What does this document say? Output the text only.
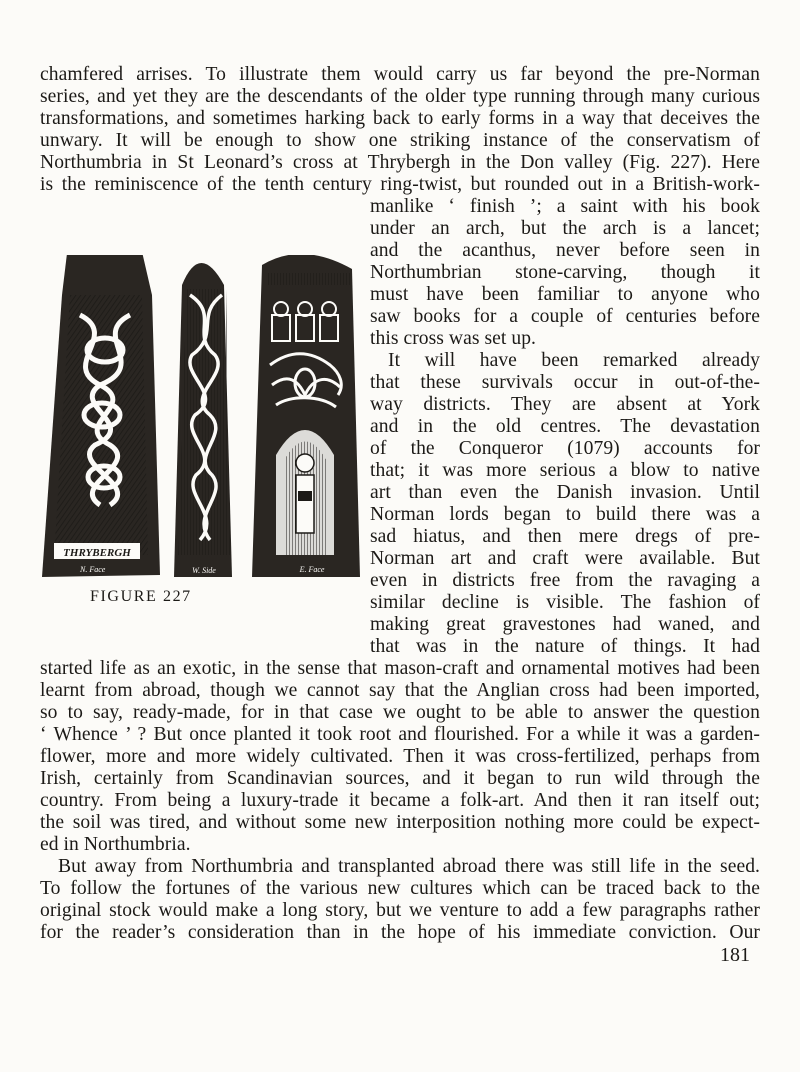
chamfered arrises. To illustrate them would carry us far beyond the pre-Norman
series, and yet they are the descendants of the older type running through many curious
transformations, and sometimes harking back to early forms in a way that deceives the
unwary. It will be enough to show one striking instance of the conservatism of
Northumbria in St Leonard’s cross at Thrybergh in the Don valley (Fig. 227). Here
is the reminiscence of the tenth century ring-twist, but rounded out in a British-work-
manlike ‘ finish ’; a saint with his book
under an arch, but the arch is a lancet;
and the acanthus, never before seen in
Northumbrian stone-carving, though it
must have been familiar to anyone who
saw books for a couple of centuries before
this cross was set up.
It will have been remarked already
that these survivals occur in out-of-the-
way districts. They are absent at York
and in the old centres. The devastation
of the Conqueror (1079) accounts for
that; it was more serious a blow to native
art than even the Danish invasion. Until
Norman lords began to build there was a
sad hiatus, and then mere dregs of pre-
Norman art and craft were available. But
even in districts free from the ravaging a
similar decline is visible. The fashion of
making great gravestones had waned, and
that was in the nature of things. It had
started life as an exotic, in the sense that mason-craft and ornamental motives had been
learnt from abroad, though we cannot say that the Anglian cross had been imported,
so to say, ready-made, for in that case we ought to be able to answer the question
‘ Whence ’ ? But once planted it took root and flourished. For a while it was a garden-
flower, more and more widely cultivated. Then it was cross-fertilized, perhaps from
Irish, certainly from Scandinavian sources, and it began to run wild through the
country. From being a luxury-trade it became a folk-art. And then it ran itself out;
the soil was tired, and without some new interposition nothing more could be expect-
ed in Northumbria.
But away from Northumbria and transplanted abroad there was still life in the seed.
To follow the fortunes of the various new cultures which can be traced back to the
original stock would make a long story, but we venture to add a few paragraphs rather
for the reader’s consideration than in the hope of his immediate conviction. Our
THRYBERGH
N. Face	W. Side	E. Face
FIGURE 227
181
